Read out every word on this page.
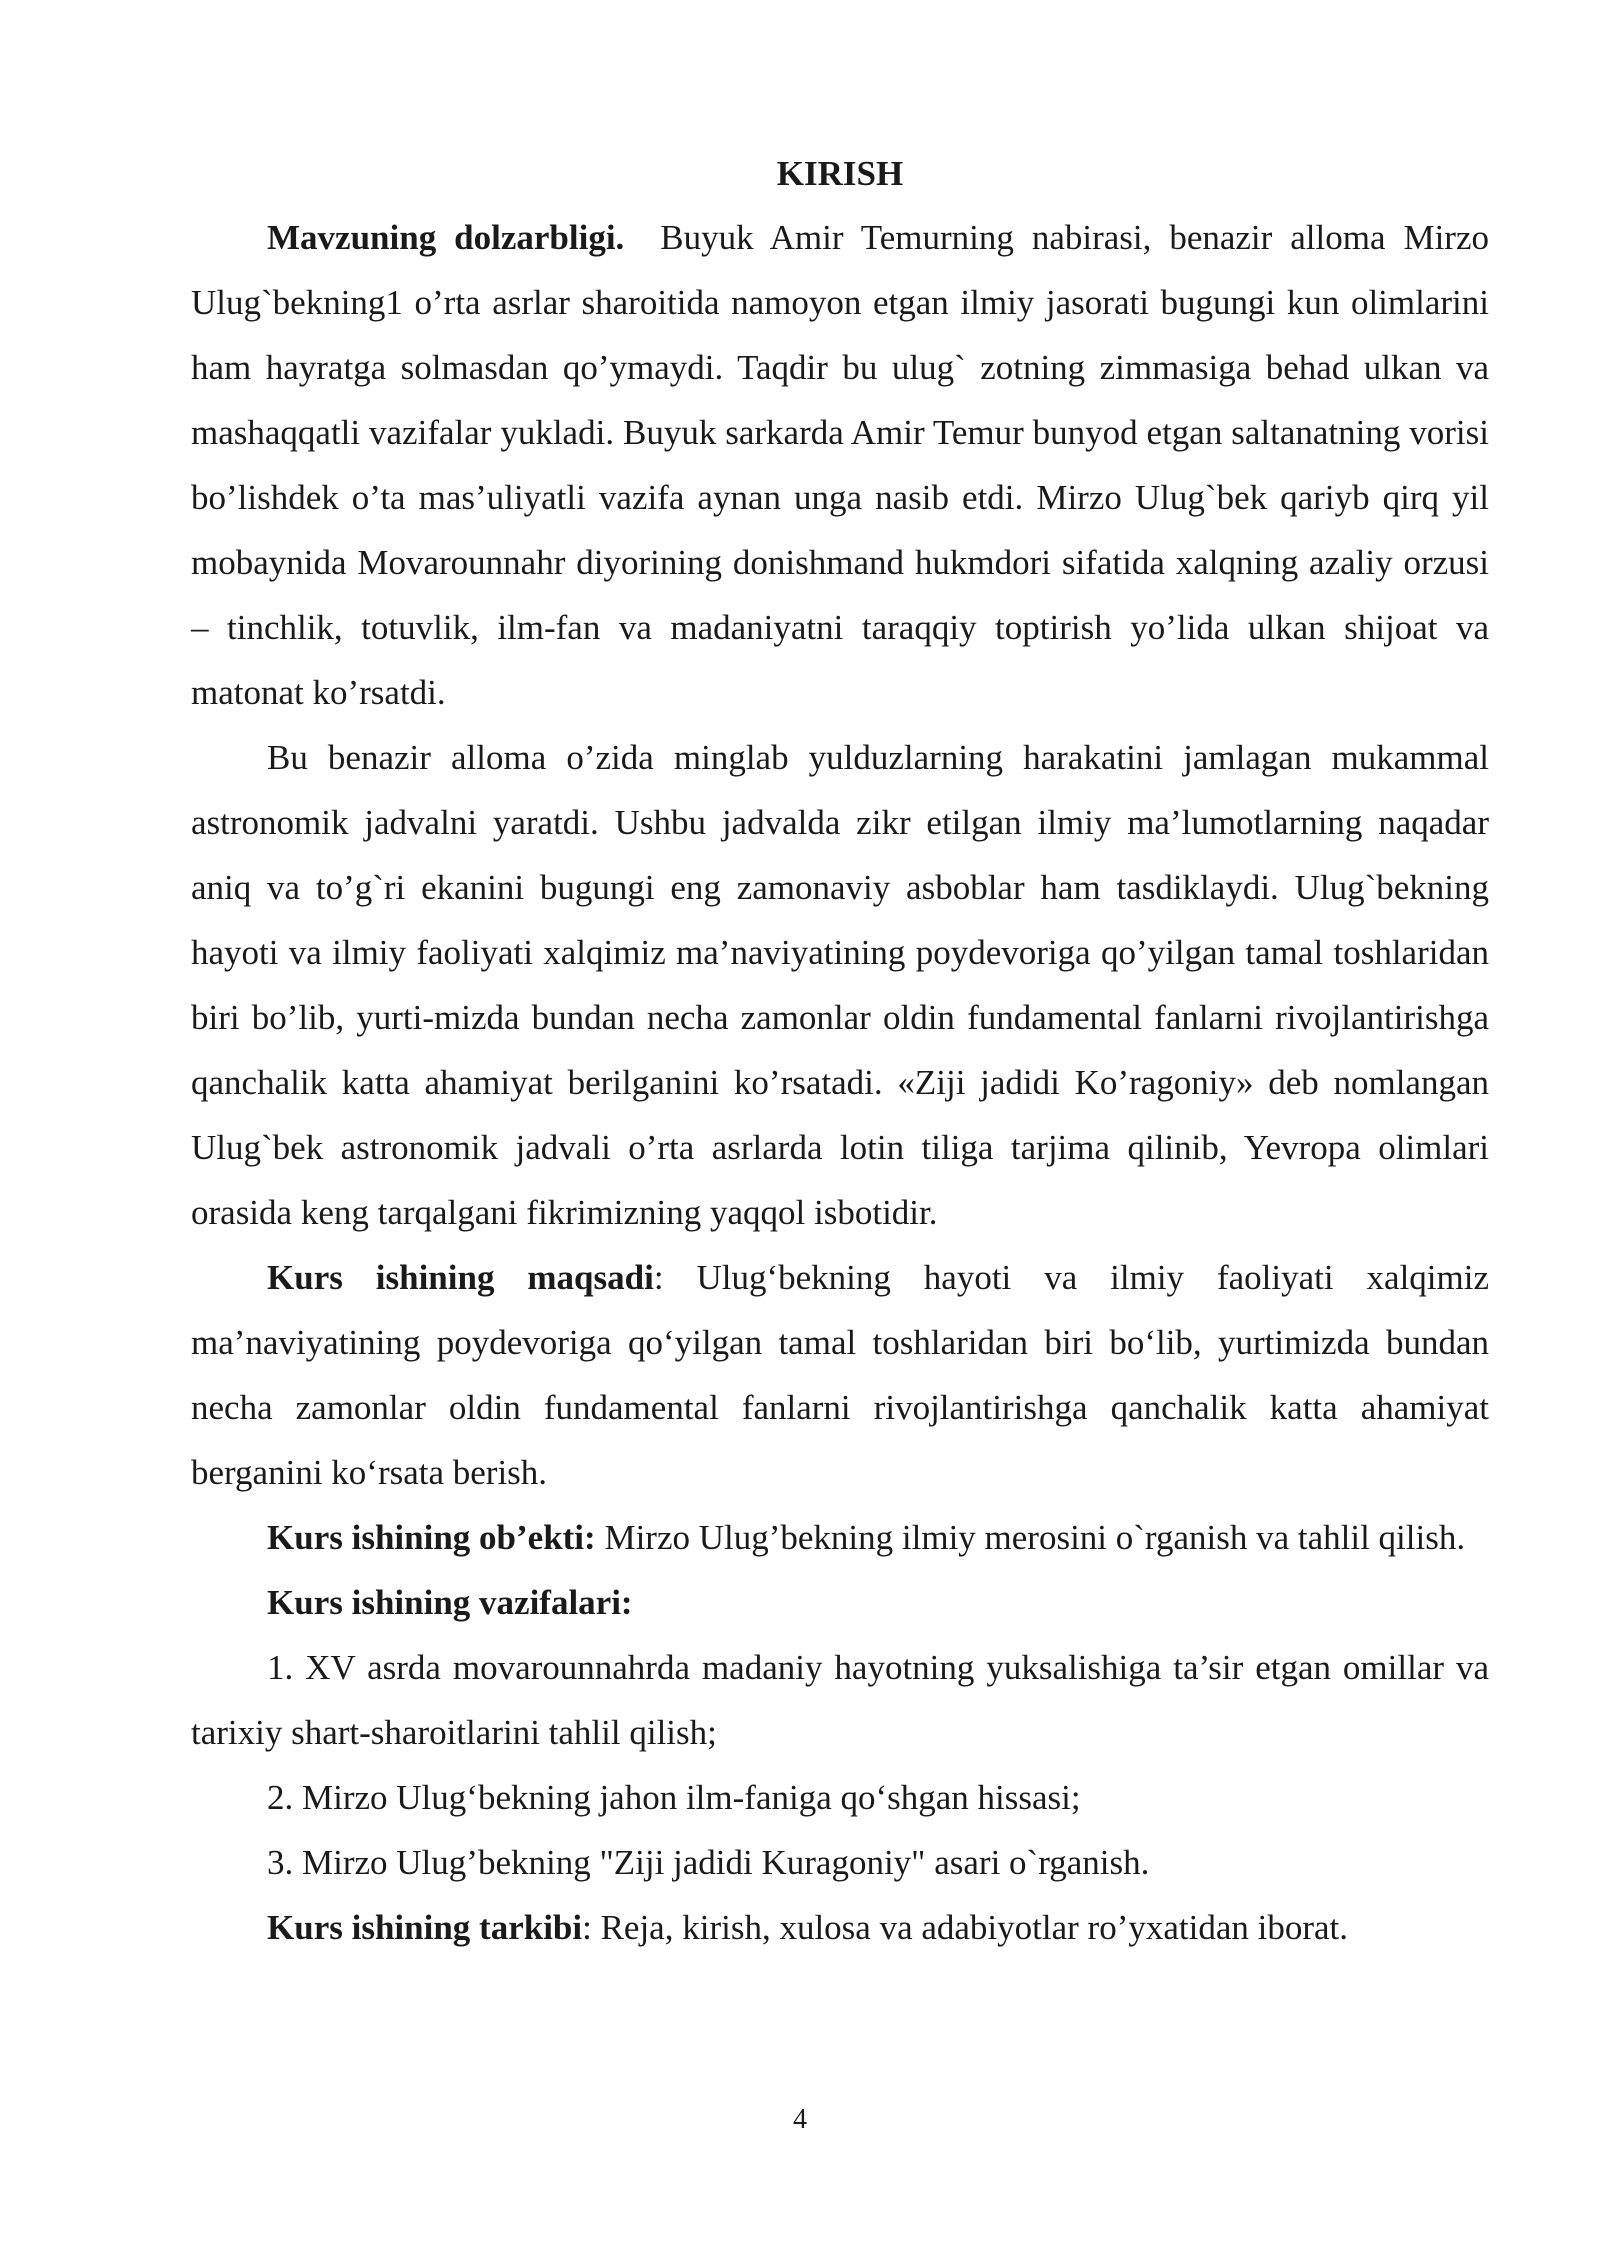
KIRISH

Mavzuning dolzarbligi. Buyuk Amir Temurning nabirasi, benazir alloma Mirzo Ulug`bekning1 o’rta asrlar sharoitida namoyon etgan ilmiy jasorati bugungi kun olimlarini ham hayratga solmasdan qo’ymaydi. Taqdir bu ulug` zotning zimmasiga behad ulkan va mashaqqatli vazifalar yukladi. Buyuk sarkarda Amir Temur bunyod etgan saltanatning vorisi bo’lishdek o’ta mas’uliyatli vazifa aynan unga nasib etdi. Mirzo Ulug`bek qariyb qirq yil mobaynida Movarounnahr diyorining donishmand hukmdori sifatida xalqning azaliy orzusi – tinchlik, totuvlik, ilm-fan va madaniyatni taraqqiy toptirish yo’lida ulkan shijoat va matonat ko’rsatdi.

Bu benazir alloma o’zida minglab yulduzlarning harakatini jamlagan mukammal astronomik jadvalni yaratdi. Ushbu jadvalda zikr etilgan ilmiy ma’lumotlarning naqadar aniq va to’g`ri ekanini bugungi eng zamonaviy asboblar ham tasdiklaydi. Ulug`bekning hayoti va ilmiy faoliyati xalqimiz ma’naviyatining poydevoriga qo’yilgan tamal toshlaridan biri bo’lib, yurti-mizda bundan necha zamonlar oldin fundamental fanlarni rivojlantirishga qanchalik katta ahamiyat berilganini ko’rsatadi. «Ziji jadidi Ko’ragoniy» deb nomlangan Ulug`bek astronomik jadvali o’rta asrlarda lotin tiliga tarjima qilinib, Yevropa olimlari orasida keng tarqalgani fikrimizning yaqqol isbotidir.

Kurs ishining maqsadi: Ulug‘bekning hayoti va ilmiy faoliyati xalqimiz ma’naviyatining poydevoriga qo‘yilgan tamal toshlaridan biri bo‘lib, yurtimizda bundan necha zamonlar oldin fundamental fanlarni rivojlantirishga qanchalik katta ahamiyat berganini ko‘rsata berish.

Kurs ishining ob’ekti: Mirzo Ulug’bekning ilmiy merosini o`rganish va tahlil qilish.

Kurs ishining vazifalari:

1. XV asrda movarounnahrda madaniy hayotning yuksalishiga ta’sir etgan omillar va tarixiy shart-sharoitlarini tahlil qilish;

2. Mirzo Ulug‘bekning jahon ilm-faniga qo‘shgan hissasi;

3. Mirzo Ulug’bekning "Ziji jadidi Kuragoniy" asari o`rganish.

Kurs ishining tarkibi: Reja, kirish, xulosa va adabiyotlar ro’yxatidan iborat.

4
